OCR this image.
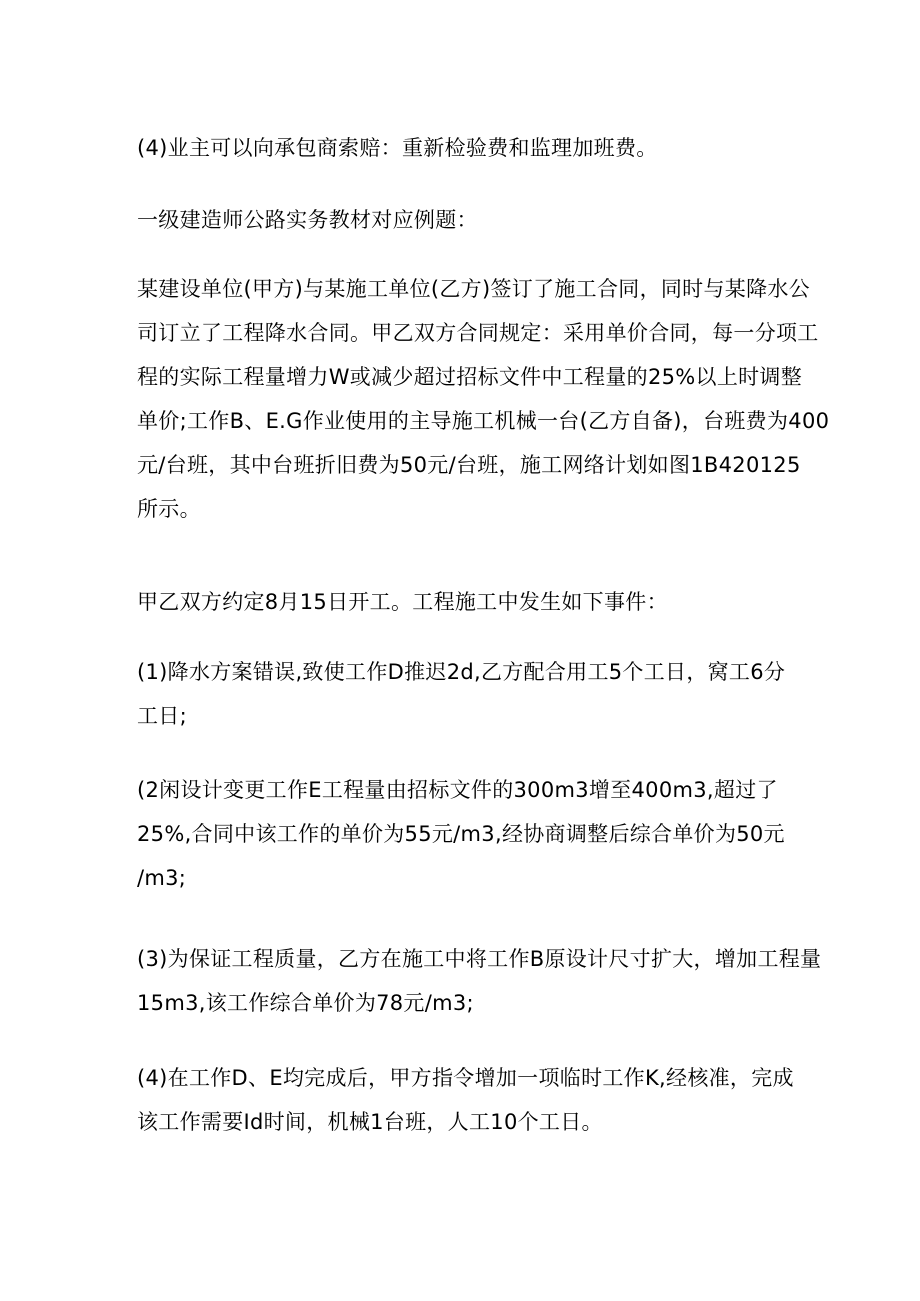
(4)业主可以向承包商索赔：重新检验费和监理加班费。

一级建造师公路实务教材对应例题：

某建设单位(甲方)与某施工单位(乙方)签订了施工合同，同时与某降水公
司订立了工程降水合同。甲乙双方合同规定：采用单价合同，每一分项工
程的实际工程量增力W或减少超过招标文件中工程量的25%以上时调整
单价;工作B、E.G作业使用的主导施工机械一台(乙方自备)，台班费为400
元/台班，其中台班折旧费为50元/台班，施工网络计划如图1B420125
所示。

甲乙双方约定8月15日开工。工程施工中发生如下事件：

(1)降水方案错误,致使工作D推迟2d,乙方配合用工5个工日，窝工6分
工日;

(2闲设计变更工作E工程量由招标文件的300m3增至400m3,超过了
25%,合同中该工作的单价为55元/m3,经协商调整后综合单价为50元
/m3;

(3)为保证工程质量，乙方在施工中将工作B原设计尺寸扩大，增加工程量
15m3,该工作综合单价为78元/m3;

(4)在工作D、E均完成后，甲方指令增加一项临时工作K,经核准，完成
该工作需要Id时间，机械1台班，人工10个工日。
